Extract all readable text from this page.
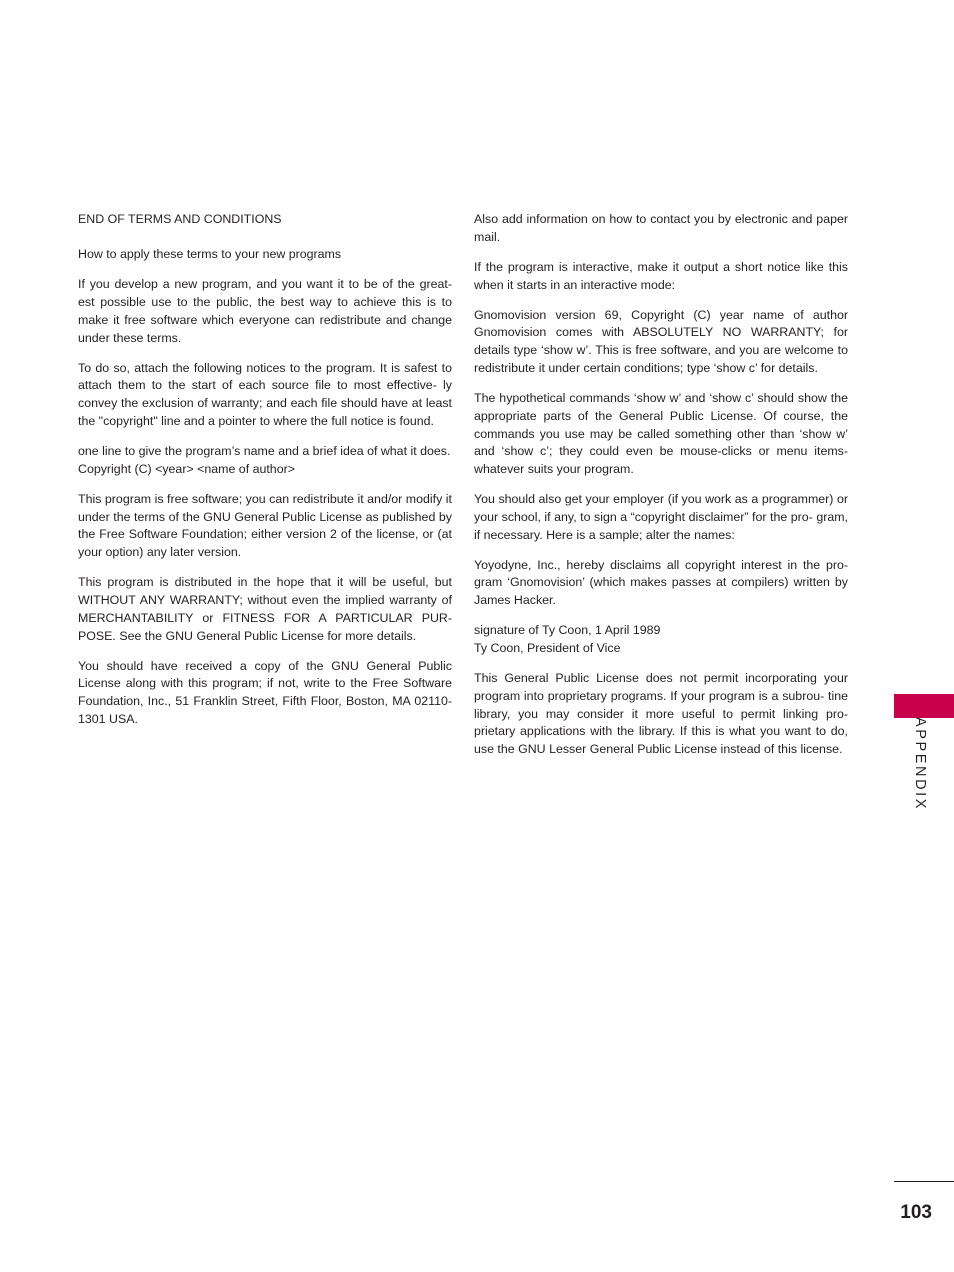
END OF TERMS AND CONDITIONS

How to apply these terms to your new programs

If you develop a new program, and you want it to be of the great- est possible use to the public, the best way to achieve this is to make it free software which everyone can redistribute and change under these terms.

To do so, attach the following notices to the program. It is safest to attach them to the start of each source file to most effective- ly convey the exclusion of warranty; and each file should have at least the "copyright" line and a pointer to where the full notice is found.

one line to give the program’s name and a brief idea of what it does.

Copyright (C) <year> <name of author>

This program is free software; you can redistribute it and/or modify it under the terms of the GNU General Public License as published by the Free Software Foundation; either version 2 of the license, or (at your option) any later version.

This program is distributed in the hope that it will be useful, but WITHOUT ANY WARRANTY; without even the implied warranty of MERCHANTABILITY or FITNESS FOR A PARTICULAR PUR- POSE. See the GNU General Public License for more details.

You should have received a copy of the GNU General Public License along with this program; if not, write to the Free Software Foundation, Inc., 51 Franklin Street, Fifth Floor, Boston, MA 02110-1301 USA.

Also add information on how to contact you by electronic and paper mail.

If the program is interactive, make it output a short notice like this when it starts in an interactive mode:

Gnomovision version 69, Copyright (C) year name of author Gnomovision comes with ABSOLUTELY NO WARRANTY; for details type ‘show w’. This is free software, and you are welcome to redistribute it under certain conditions; type ‘show c’ for details.

The hypothetical commands ‘show w’ and ‘show c’ should show the appropriate parts of the General Public License. Of course, the commands you use may be called something other than ‘show w’ and ‘show c’; they could even be mouse-clicks or menu items-whatever suits your program.

You should also get your employer (if you work as a programmer) or your school, if any, to sign a “copyright disclaimer” for the pro- gram, if necessary. Here is a sample; alter the names:

Yoyodyne, Inc., hereby disclaims all copyright interest in the pro- gram ‘Gnomovision’ (which makes passes at compilers) written by James Hacker.

signature of Ty Coon, 1 April 1989

Ty Coon, President of Vice

This General Public License does not permit incorporating your program into proprietary programs. If your program is a subrou- tine library, you may consider it more useful to permit linking pro- prietary applications with the library. If this is what you want to do, use the GNU Lesser General Public License instead of this license.	APPENDIX
103
